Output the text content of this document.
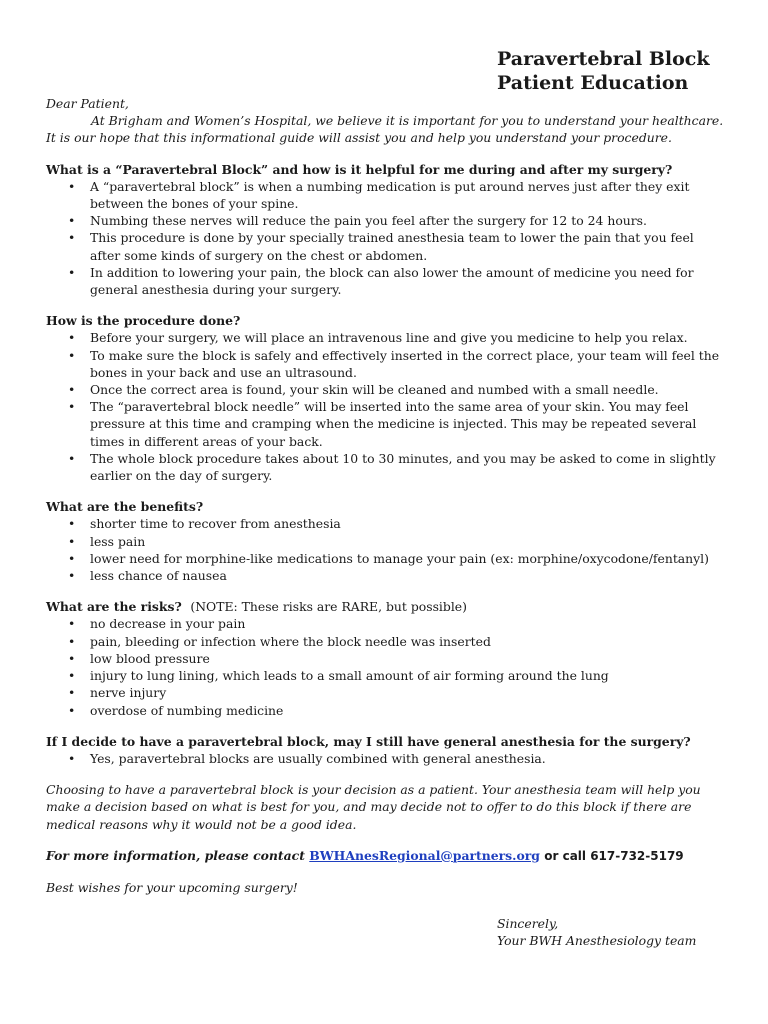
Paravertebral Block
Patient Education
Dear Patient,

At Brigham and Women’s Hospital, we believe it is important for you to understand your healthcare. It is our hope that this informational guide will assist you and help you understand your procedure.

What is a “Paravertebral Block” and how is it helpful for me during and after my surgery?
• A “paravertebral block” is when a numbing medication is put around nerves just after they exit between the bones of your spine.
• Numbing these nerves will reduce the pain you feel after the surgery for 12 to 24 hours.
• This procedure is done by your specially trained anesthesia team to lower the pain that you feel after some kinds of surgery on the chest or abdomen.
• In addition to lowering your pain, the block can also lower the amount of medicine you need for general anesthesia during your surgery.
How is the procedure done?
• Before your surgery, we will place an intravenous line and give you medicine to help you relax.
• To make sure the block is safely and effectively inserted in the correct place, your team will feel the bones in your back and use an ultrasound.
• Once the correct area is found, your skin will be cleaned and numbed with a small needle.
• The “paravertebral block needle” will be inserted into the same area of your skin. You may feel pressure at this time and cramping when the medicine is injected. This may be repeated several times in different areas of your back.
• The whole block procedure takes about 10 to 30 minutes, and you may be asked to come in slightly earlier on the day of surgery.
What are the benefits?
• shorter time to recover from anesthesia
• less pain
• lower need for morphine-like medications to manage your pain (ex: morphine/oxycodone/fentanyl)
• less chance of nausea
What are the risks? (NOTE: These risks are RARE, but possible)
• no decrease in your pain
• pain, bleeding or infection where the block needle was inserted
• low blood pressure
• injury to lung lining, which leads to a small amount of air forming around the lung
• nerve injury
• overdose of numbing medicine
If I decide to have a paravertebral block, may I still have general anesthesia for the surgery?
• Yes, paravertebral blocks are usually combined with general anesthesia.
Choosing to have a paravertebral block is your decision as a patient. Your anesthesia team will help you make a decision based on what is best for you, and may decide not to offer to do this block if there are medical reasons why it would not be a good idea.
For more information, please contact BWHAnesRegional@partners.org or call 617-732-5179
Best wishes for your upcoming surgery!
Sincerely,
Your BWH Anesthesiology team
